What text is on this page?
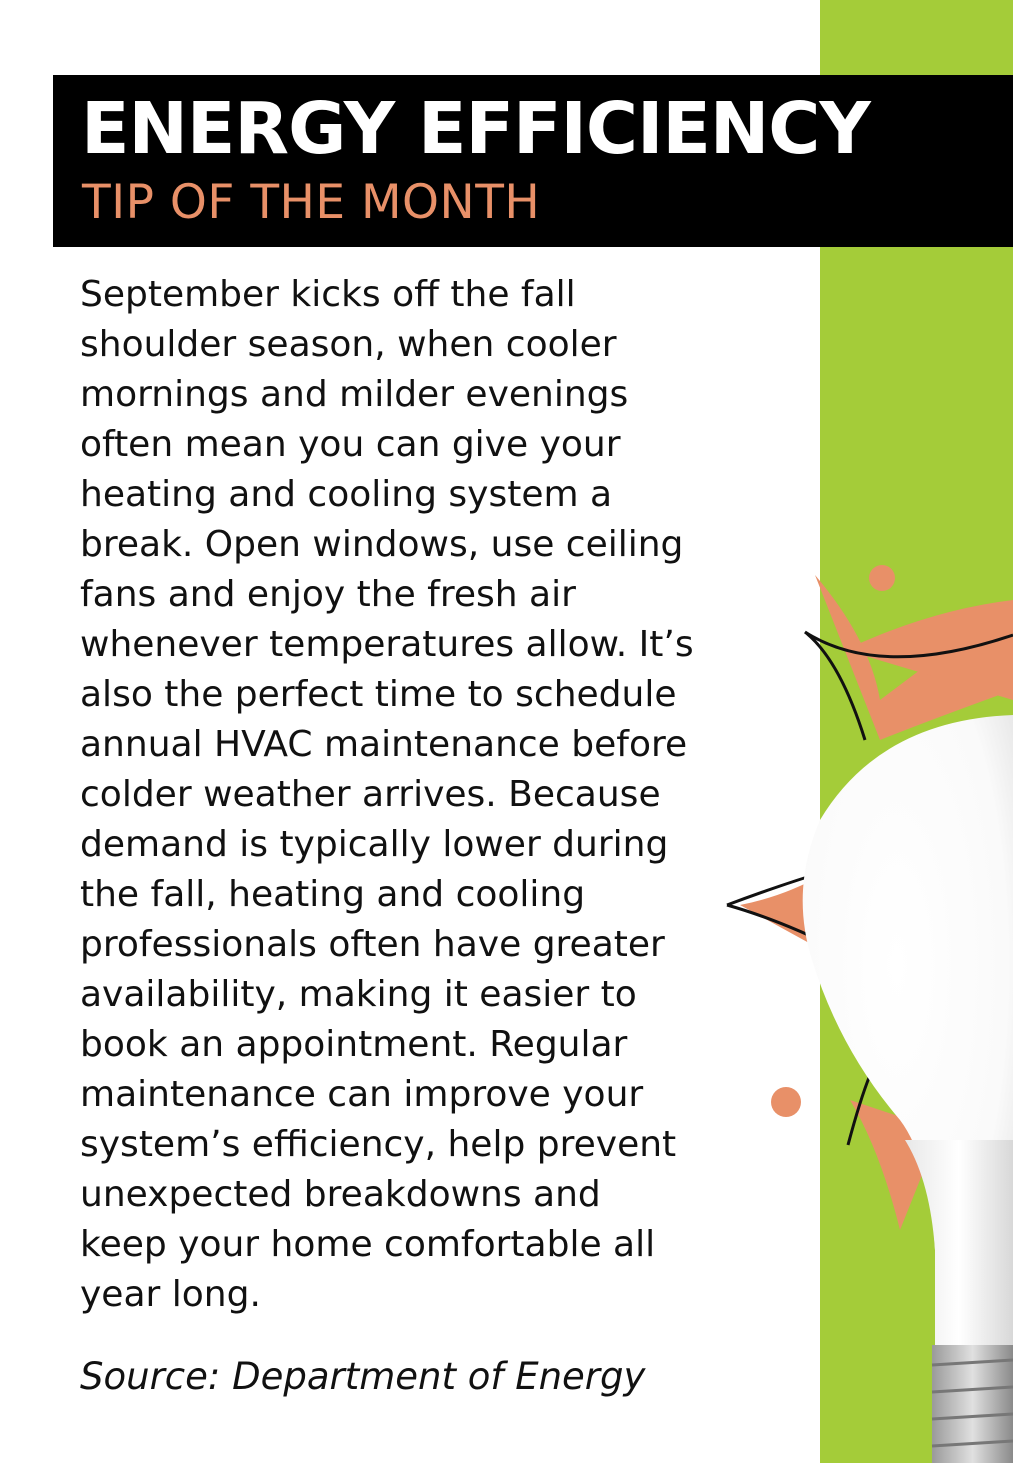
ENERGY EFFICIENCY
TIP OF THE MONTH
September kicks off the fall
shoulder season, when cooler
mornings and milder evenings
often mean you can give your
heating and cooling system a
break. Open windows, use ceiling
fans and enjoy the fresh air
whenever temperatures allow. It’s
also the perfect time to schedule
annual HVAC maintenance before
colder weather arrives. Because
demand is typically lower during
the fall, heating and cooling
professionals often have greater
availability, making it easier to
book an appointment. Regular
maintenance can improve your
system’s efficiency, help prevent
unexpected breakdowns and
keep your home comfortable all
year long.

Source: Department of Energy
